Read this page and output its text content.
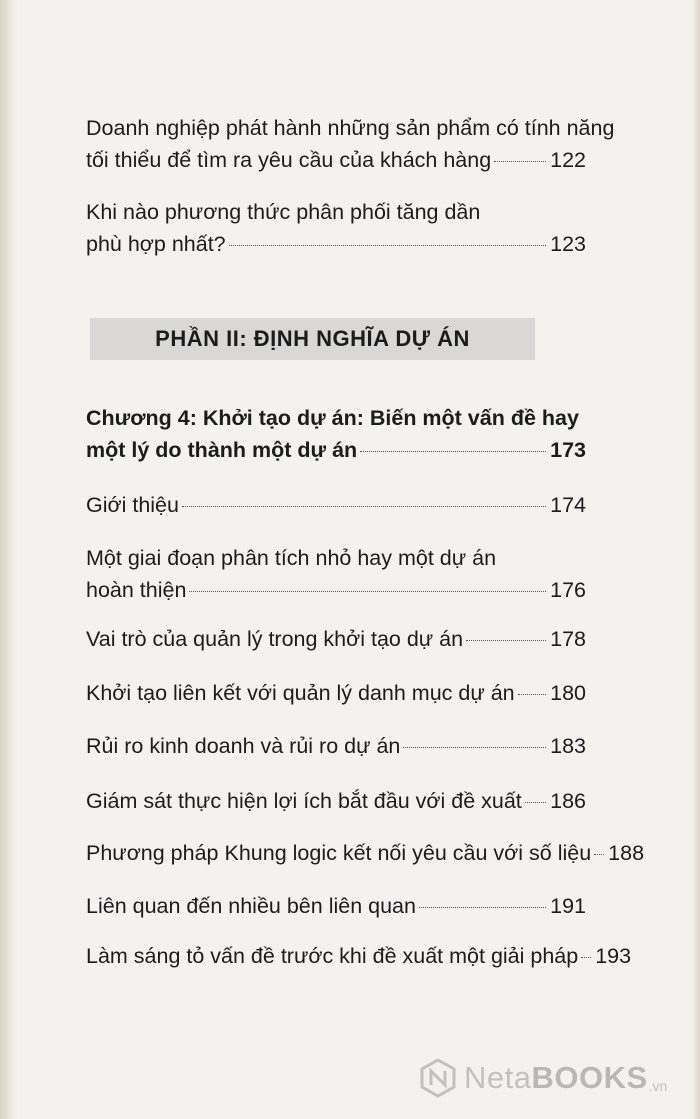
Doanh nghiệp phát hành những sản phẩm có tính năng
tối thiểu để tìm ra yêu cầu của khách hàng	122
Khi nào phương thức phân phối tăng dần
phù hợp nhất?	123
Chương 4: Khởi tạo dự án: Biến một vấn đề hay
một lý do thành một dự án	173
Giới thiệu	174
Một giai đoạn phân tích nhỏ hay một dự án
hoàn thiện	176
Vai trò của quản lý trong khởi tạo dự án	178
Khởi tạo liên kết với quản lý danh mục dự án 180
Rủi ro kinh doanh và rủi ro dự án	183
Giám sát thực hiện lợi ích bắt đầu với đề xuất 186
Phương pháp Khung logic kết nối yêu cầu với số liệu 188
Liên quan đến nhiều bên liên quan	191
Làm sáng tỏ vấn đề trước khi đề xuất một giải pháp 193
PHẦN II: ĐỊNH NGHĨA DỰ ÁN
NetaBOOKS .vn
